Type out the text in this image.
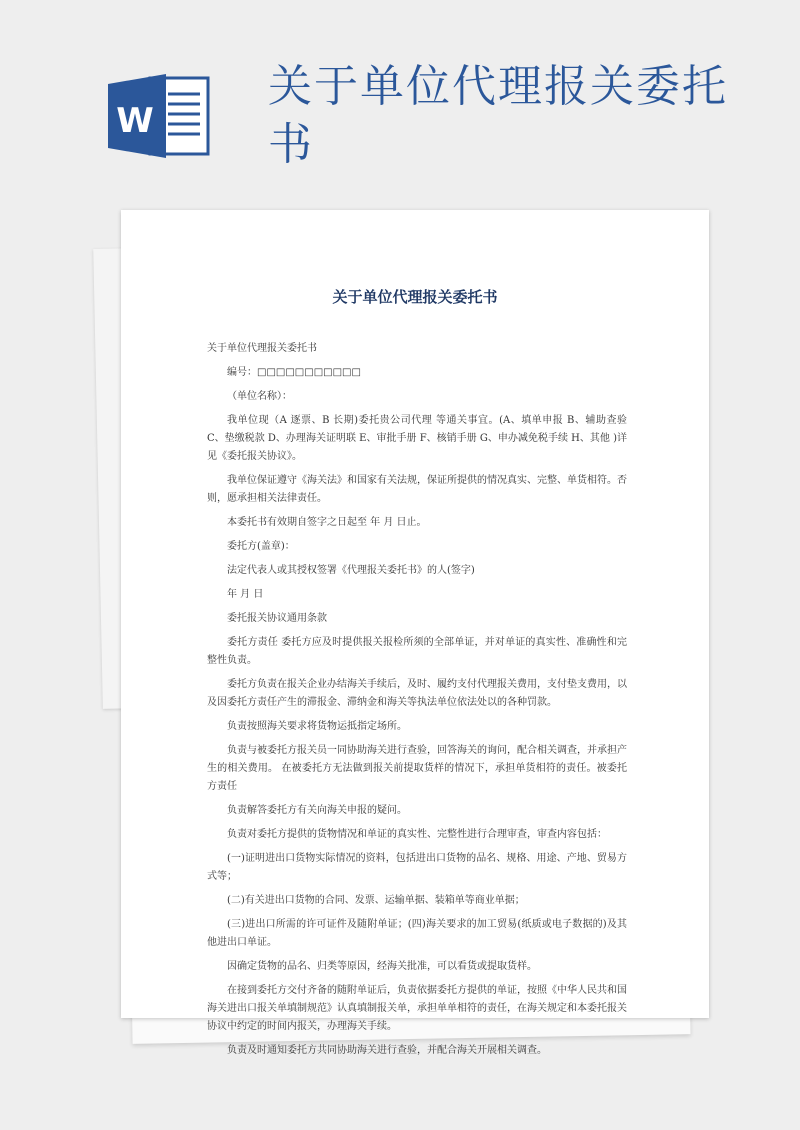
W
关于单位代理报关委托书
关于单位代理报关委托书

关于单位代理报关委托书

编号：□□□□□□□□□□□

（单位名称）：

我单位现（A 逐票、B 长期)委托贵公司代理 等通关事宜。(A、填单申报 B、辅助查验 C、垫缴税款 D、办理海关证明联 E、审批手册 F、核销手册 G、申办减免税手续 H、其他 )详见《委托报关协议》。

我单位保证遵守《海关法》和国家有关法规，保证所提供的情况真实、完整、单货相符。否则，愿承担相关法律责任。

本委托书有效期自签字之日起至 年 月 日止。

委托方(盖章)：

法定代表人或其授权签署《代理报关委托书》的人(签字)

年 月 日

委托报关协议通用条款

委托方责任 委托方应及时提供报关报检所须的全部单证，并对单证的真实性、准确性和完整性负责。

委托方负责在报关企业办结海关手续后，及时、履约支付代理报关费用，支付垫支费用，以及因委托方责任产生的滞报金、滞纳金和海关等执法单位依法处以的各种罚款。

负责按照海关要求将货物运抵指定场所。

负责与被委托方报关员一同协助海关进行查验，回答海关的询问，配合相关调查，并承担产生的相关费用。 在被委托方无法做到报关前提取货样的情况下，承担单货相符的责任。被委托方责任

负责解答委托方有关向海关申报的疑问。

负责对委托方提供的货物情况和单证的真实性、完整性进行合理审查，审查内容包括：

(一)证明进出口货物实际情况的资料，包括进出口货物的品名、规格、用途、产地、贸易方式等；

(二)有关进出口货物的合同、发票、运输单据、装箱单等商业单据；

(三)进出口所需的许可证件及随附单证；(四)海关要求的加工贸易(纸质或电子数据的)及其他进出口单证。

因确定货物的品名、归类等原因，经海关批准，可以看货或提取货样。

在接到委托方交付齐备的随附单证后，负责依据委托方提供的单证，按照《中华人民共和国海关进出口报关单填制规范》认真填制报关单，承担单单相符的责任，在海关规定和本委托报关协议中约定的时间内报关，办理海关手续。

负责及时通知委托方共同协助海关进行查验，并配合海关开展相关调查。
